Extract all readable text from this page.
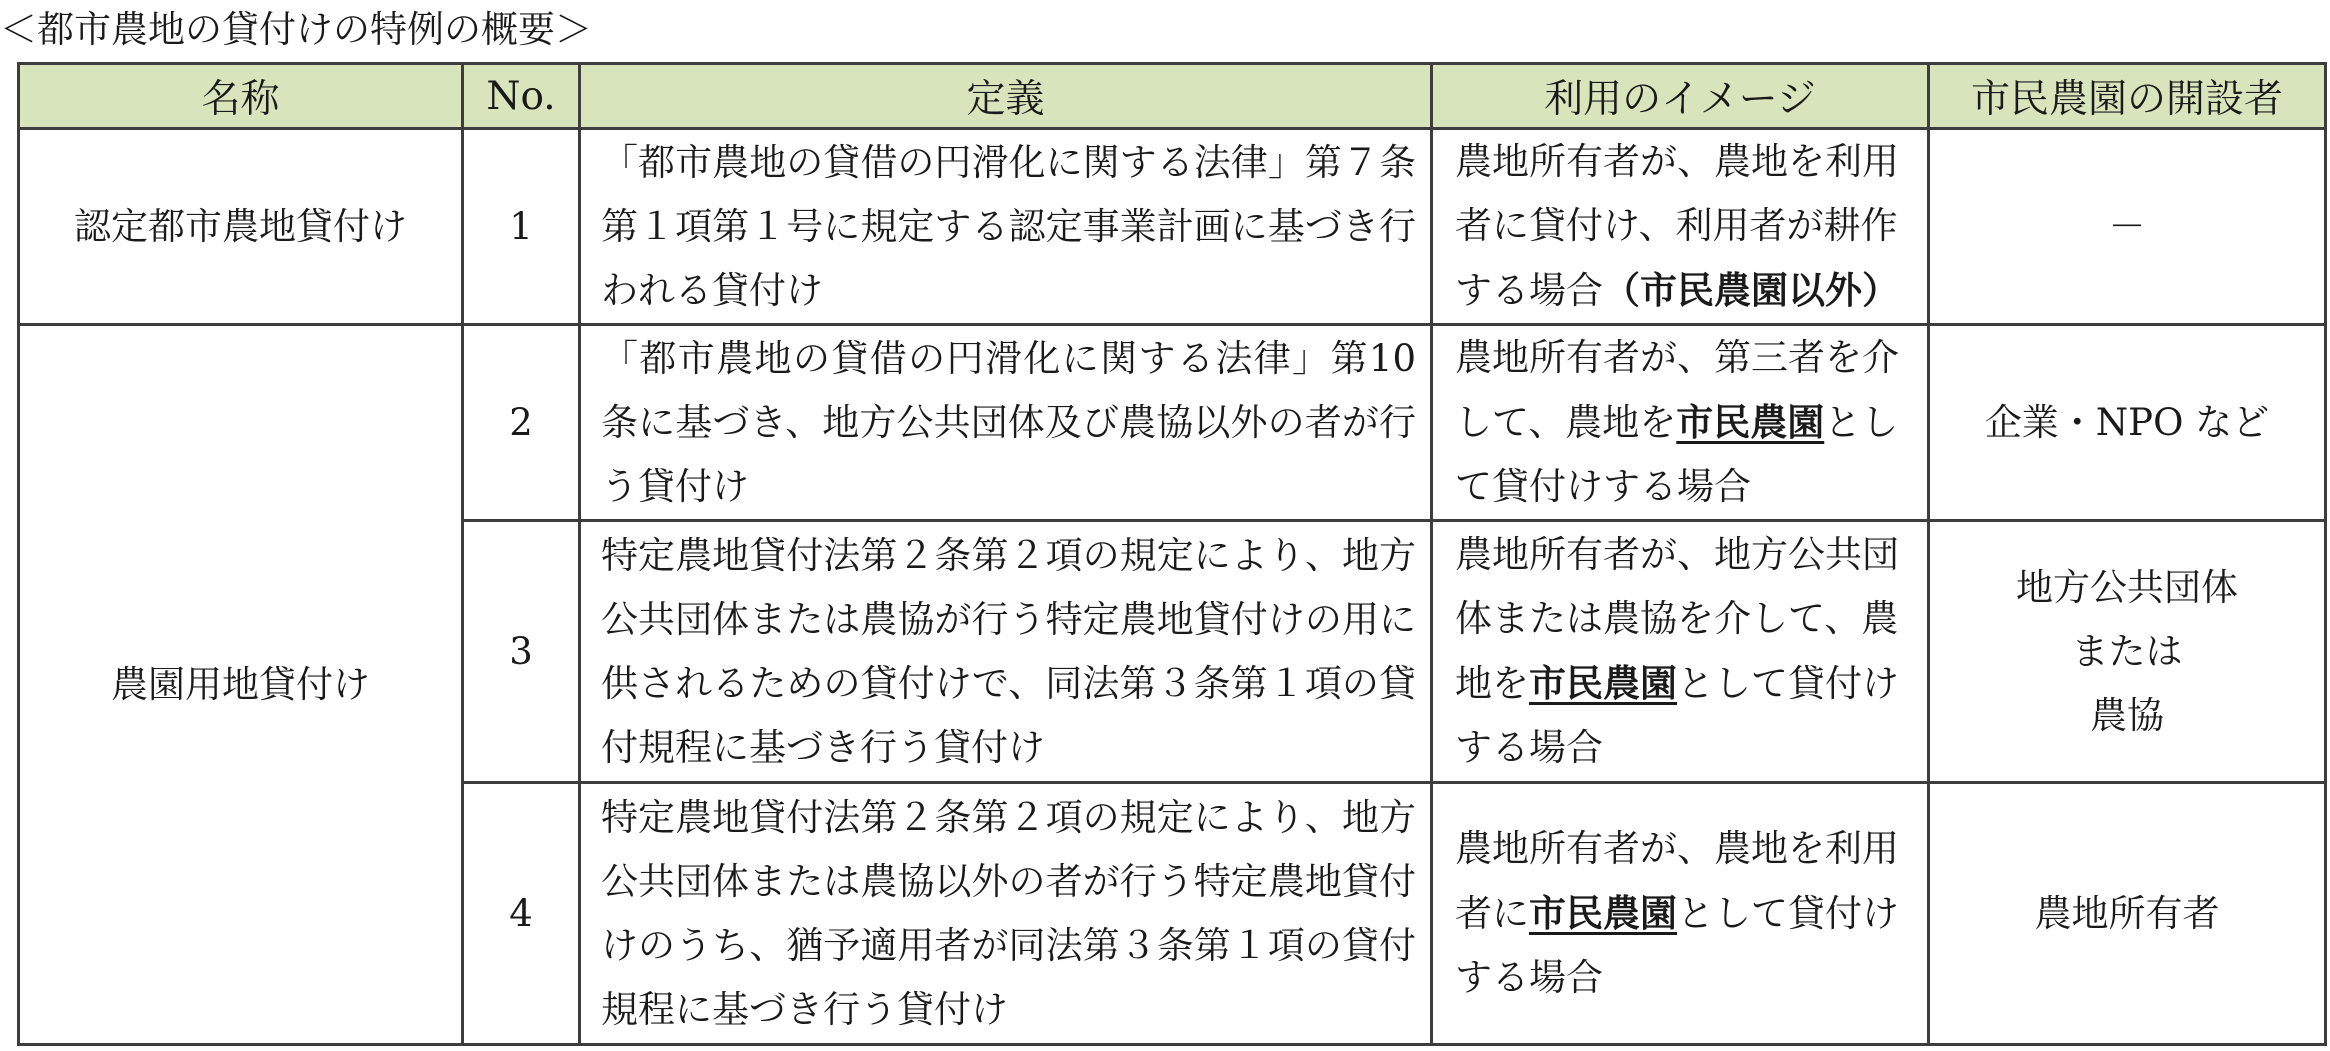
＜都市農地の貸付けの特例の概要＞
名称	No.	定義	利用のイメージ	市民農園の開設者
認定都市農地貸付け	1	「都市農地の貸借の円滑化に関する法律」第７条第１項第１号に規定する認定事業計画に基づき行われる貸付け	農地所有者が、農地を利用者に貸付け、利用者が耕作する場合（市民農園以外）	－
農園用地貸付け	2	「都市農地の貸借の円滑化に関する法律」第10 条に基づき、地方公共団体及び農協以外の者が行う貸付け	農地所有者が、第三者を介して、農地を市民農園として貸付けする場合	企業・NPO など
	3	特定農地貸付法第２条第２項の規定により、地方公共団体または農協が行う特定農地貸付けの用に供されるための貸付けで、同法第３条第１項の貸付規程に基づき行う貸付け	農地所有者が、地方公共団体または農協を介して、農地を市民農園として貸付けする場合	地方公共団体
または
農協

	4	特定農地貸付法第２条第２項の規定により、地方公共団体または農協以外の者が行う特定農地貸付けのうち、猶予適用者が同法第３条第１項の貸付規程に基づき行う貸付け	農地所有者が、農地を利用者に市民農園として貸付けする場合	農地所有者
